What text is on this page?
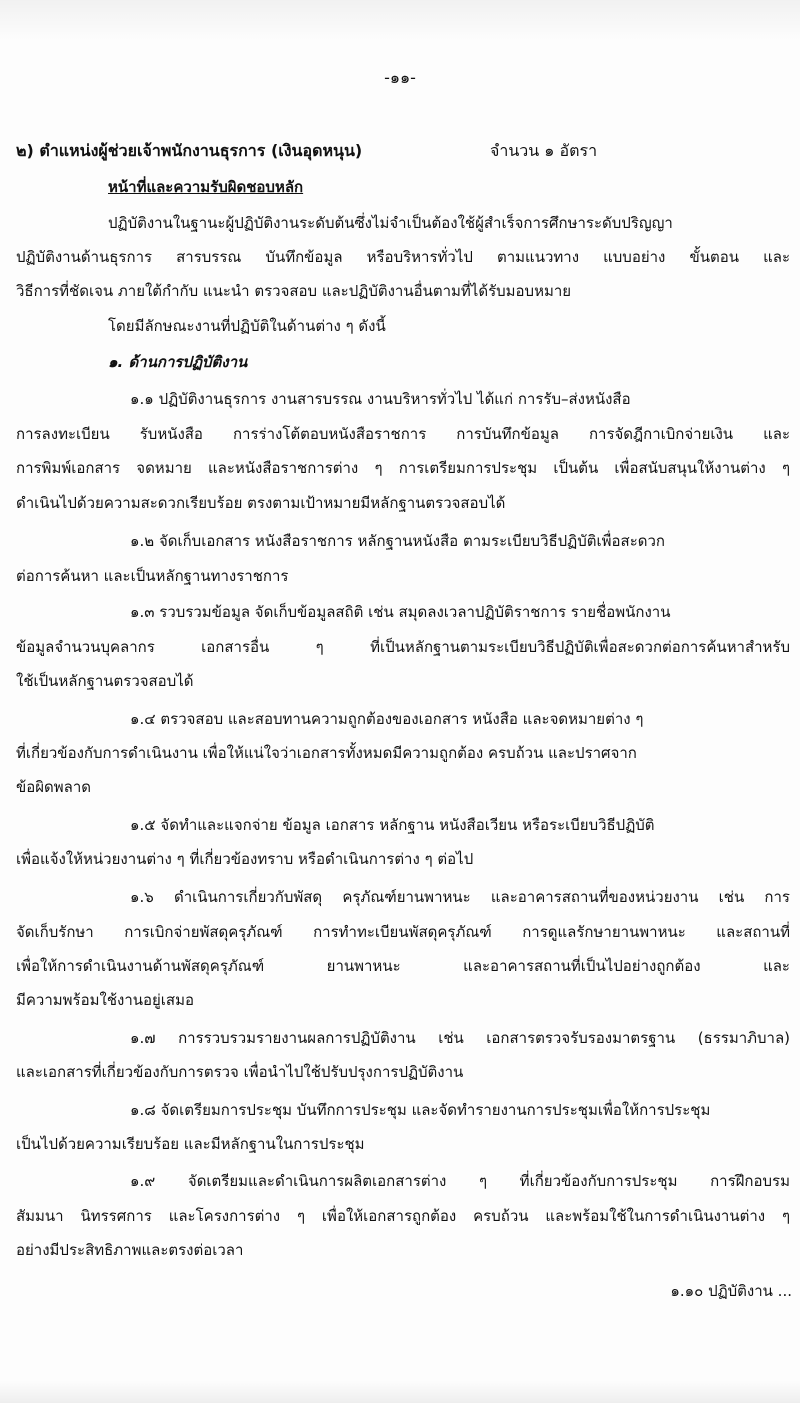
-๑๑-
๒) ตำแหน่งผู้ช่วยเจ้าพนักงานธุรการ (เงินอุดหนุน)	จำนวน ๑ อัตรา
หน้าที่และความรับผิดชอบหลัก
ปฏิบัติงานในฐานะผู้ปฏิบัติงานระดับต้นซึ่งไม่จำเป็นต้องใช้ผู้สำเร็จการศึกษาระดับปริญญา
ปฏิบัติงานด้านธุรการ สารบรรณ บันทึกข้อมูล หรือบริหารทั่วไป ตามแนวทาง แบบอย่าง ขั้นตอน และ
วิธีการที่ชัดเจน ภายใต้กำกับ แนะนำ ตรวจสอบ และปฏิบัติงานอื่นตามที่ได้รับมอบหมาย
โดยมีลักษณะงานที่ปฏิบัติในด้านต่าง ๆ ดังนี้
๑. ด้านการปฏิบัติงาน
๑.๑ ปฏิบัติงานธุรการ งานสารบรรณ งานบริหารทั่วไป ได้แก่ การรับ–ส่งหนังสือ
การลงทะเบียน รับหนังสือ การร่างโต้ตอบหนังสือราชการ การบันทึกข้อมูล การจัดฎีกาเบิกจ่ายเงิน และ
การพิมพ์เอกสาร จดหมาย และหนังสือราชการต่าง ๆ การเตรียมการประชุม เป็นต้น เพื่อสนับสนุนให้งานต่าง ๆ
ดำเนินไปด้วยความสะดวกเรียบร้อย ตรงตามเป้าหมายมีหลักฐานตรวจสอบได้
๑.๒ จัดเก็บเอกสาร หนังสือราชการ หลักฐานหนังสือ ตามระเบียบวิธีปฏิบัติเพื่อสะดวก
ต่อการค้นหา และเป็นหลักฐานทางราชการ
๑.๓ รวบรวมข้อมูล จัดเก็บข้อมูลสถิติ เช่น สมุดลงเวลาปฏิบัติราชการ รายชื่อพนักงาน
ข้อมูลจำนวนบุคลากร เอกสารอื่น ๆ ที่เป็นหลักฐานตามระเบียบวิธีปฏิบัติเพื่อสะดวกต่อการค้นหาสำหรับ
ใช้เป็นหลักฐานตรวจสอบได้
๑.๔ ตรวจสอบ และสอบทานความถูกต้องของเอกสาร หนังสือ และจดหมายต่าง ๆ
ที่เกี่ยวข้องกับการดำเนินงาน เพื่อให้แน่ใจว่าเอกสารทั้งหมดมีความถูกต้อง ครบถ้วน และปราศจาก
ข้อผิดพลาด
๑.๕ จัดทำและแจกจ่าย ข้อมูล เอกสาร หลักฐาน หนังสือเวียน หรือระเบียบวิธีปฏิบัติ
เพื่อแจ้งให้หน่วยงานต่าง ๆ ที่เกี่ยวข้องทราบ หรือดำเนินการต่าง ๆ ต่อไป
๑.๖ ดำเนินการเกี่ยวกับพัสดุ ครุภัณฑ์ยานพาหนะ และอาคารสถานที่ของหน่วยงาน เช่น การ
จัดเก็บรักษา การเบิกจ่ายพัสดุครุภัณฑ์ การทำทะเบียนพัสดุครุภัณฑ์ การดูแลรักษายานพาหนะ และสถานที่
เพื่อให้การดำเนินงานด้านพัสดุครุภัณฑ์ ยานพาหนะ และอาคารสถานที่เป็นไปอย่างถูกต้อง และ
มีความพร้อมใช้งานอยู่เสมอ
๑.๗ การรวบรวมรายงานผลการปฏิบัติงาน เช่น เอกสารตรวจรับรองมาตรฐาน (ธรรมาภิบาล)
และเอกสารที่เกี่ยวข้องกับการตรวจ เพื่อนำไปใช้ปรับปรุงการปฏิบัติงาน
๑.๘ จัดเตรียมการประชุม บันทึกการประชุม และจัดทำรายงานการประชุมเพื่อให้การประชุม
เป็นไปด้วยความเรียบร้อย และมีหลักฐานในการประชุม
๑.๙ จัดเตรียมและดำเนินการผลิตเอกสารต่าง ๆ ที่เกี่ยวข้องกับการประชุม การฝึกอบรม
สัมมนา นิทรรศการ และโครงการต่าง ๆ เพื่อให้เอกสารถูกต้อง ครบถ้วน และพร้อมใช้ในการดำเนินงานต่าง ๆ
อย่างมีประสิทธิภาพและตรงต่อเวลา
๑.๑๐ ปฏิบัติงาน ...
